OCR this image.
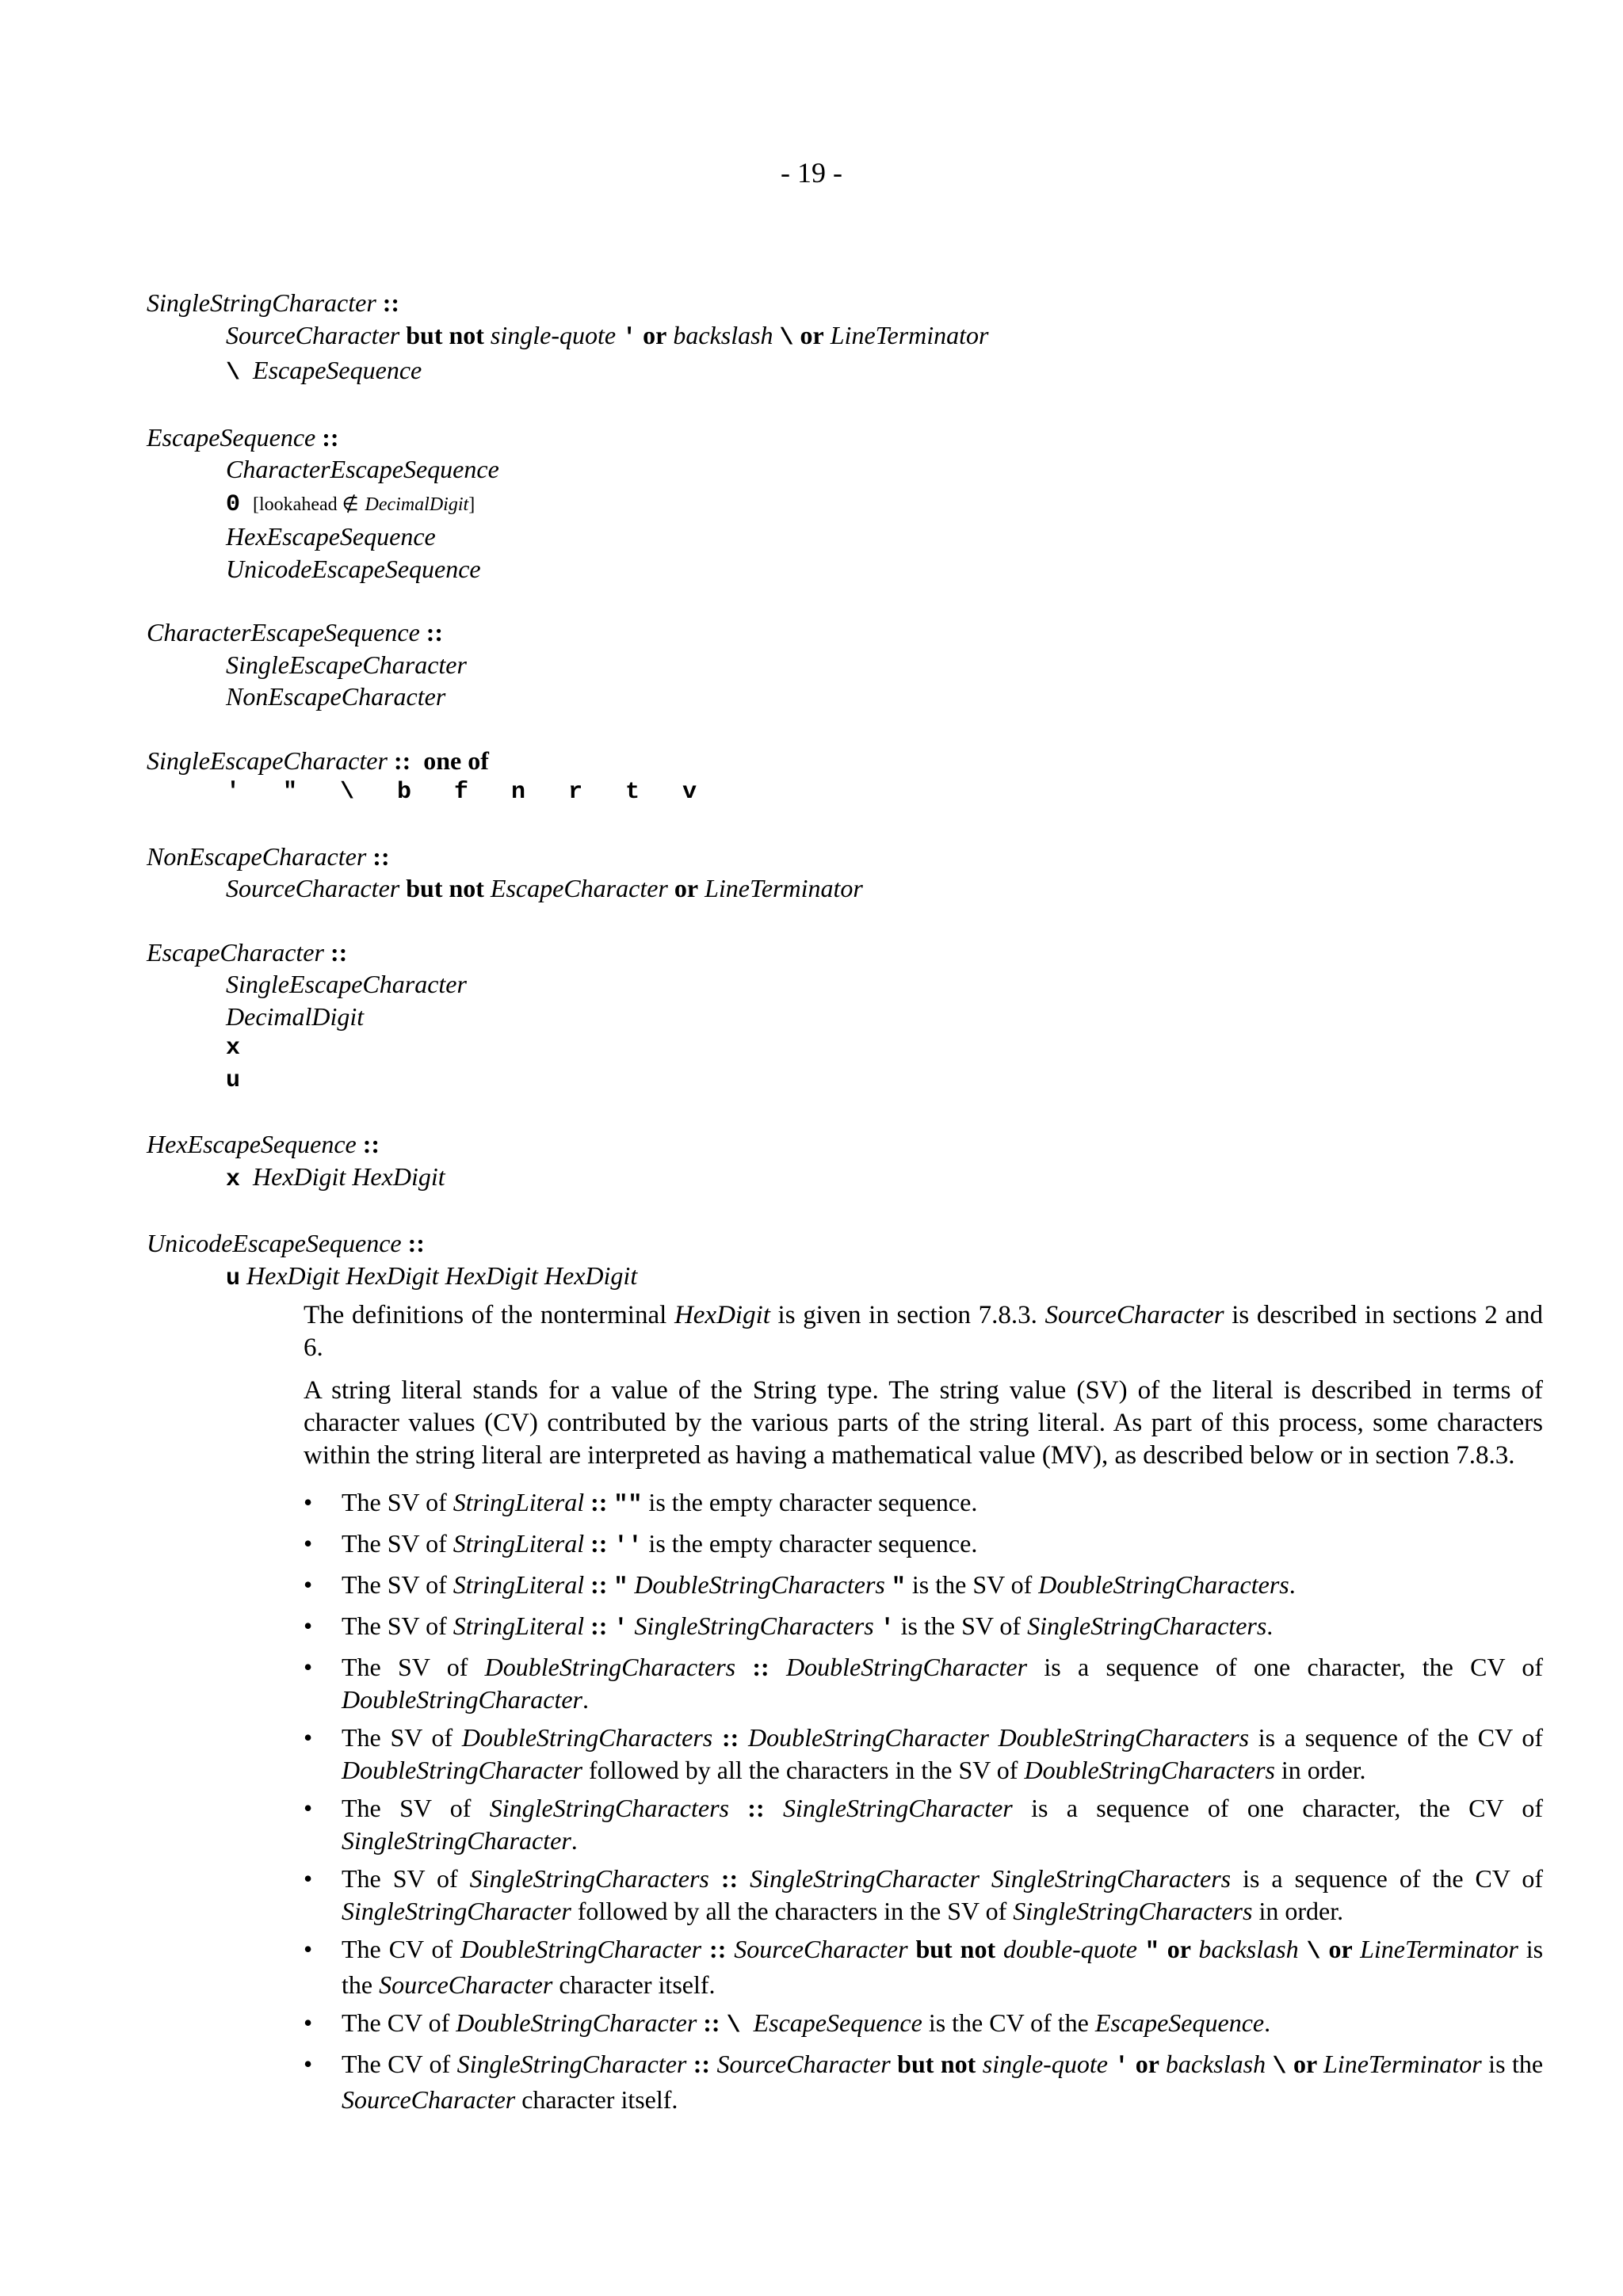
- 19 -
SingleStringCharacter ::
SourceCharacter but not single-quote ' or backslash \ or LineTerminator
\ EscapeSequence
EscapeSequence ::
CharacterEscapeSequence
0 [lookahead ∉ DecimalDigit]
HexEscapeSequence
UnicodeEscapeSequence
CharacterEscapeSequence ::
SingleEscapeCharacter
NonEscapeCharacter
SingleEscapeCharacter :: one of
'   "   \   b   f   n   r   t   v
NonEscapeCharacter ::
SourceCharacter but not EscapeCharacter or LineTerminator
EscapeCharacter ::
SingleEscapeCharacter
DecimalDigit
x
u
HexEscapeSequence ::
x HexDigit HexDigit
UnicodeEscapeSequence ::
u HexDigit HexDigit HexDigit HexDigit

The definitions of the nonterminal HexDigit is given in section 7.8.3. SourceCharacter is described in sections 2 and 6.

A string literal stands for a value of the String type. The string value (SV) of the literal is described in terms of character values (CV) contributed by the various parts of the string literal. As part of this process, some characters within the string literal are interpreted as having a mathematical value (MV), as described below or in section 7.8.3.

• The SV of StringLiteral :: "" is the empty character sequence.
• The SV of StringLiteral :: '' is the empty character sequence.
• The SV of StringLiteral :: " DoubleStringCharacters " is the SV of DoubleStringCharacters.
• The SV of StringLiteral :: ' SingleStringCharacters ' is the SV of SingleStringCharacters.
• The SV of DoubleStringCharacters :: DoubleStringCharacter is a sequence of one character, the CV of DoubleStringCharacter.
• The SV of DoubleStringCharacters :: DoubleStringCharacter DoubleStringCharacters is a sequence of the CV of DoubleStringCharacter followed by all the characters in the SV of DoubleStringCharacters in order.
• The SV of SingleStringCharacters :: SingleStringCharacter is a sequence of one character, the CV of SingleStringCharacter.
• The SV of SingleStringCharacters :: SingleStringCharacter SingleStringCharacters is a sequence of the CV of SingleStringCharacter followed by all the characters in the SV of SingleStringCharacters in order.
• The CV of DoubleStringCharacter :: SourceCharacter but not double-quote " or backslash \ or LineTerminator is the SourceCharacter character itself.
• The CV of DoubleStringCharacter :: \ EscapeSequence is the CV of the EscapeSequence.
• The CV of SingleStringCharacter :: SourceCharacter but not single-quote ' or backslash \ or LineTerminator is the SourceCharacter character itself.
